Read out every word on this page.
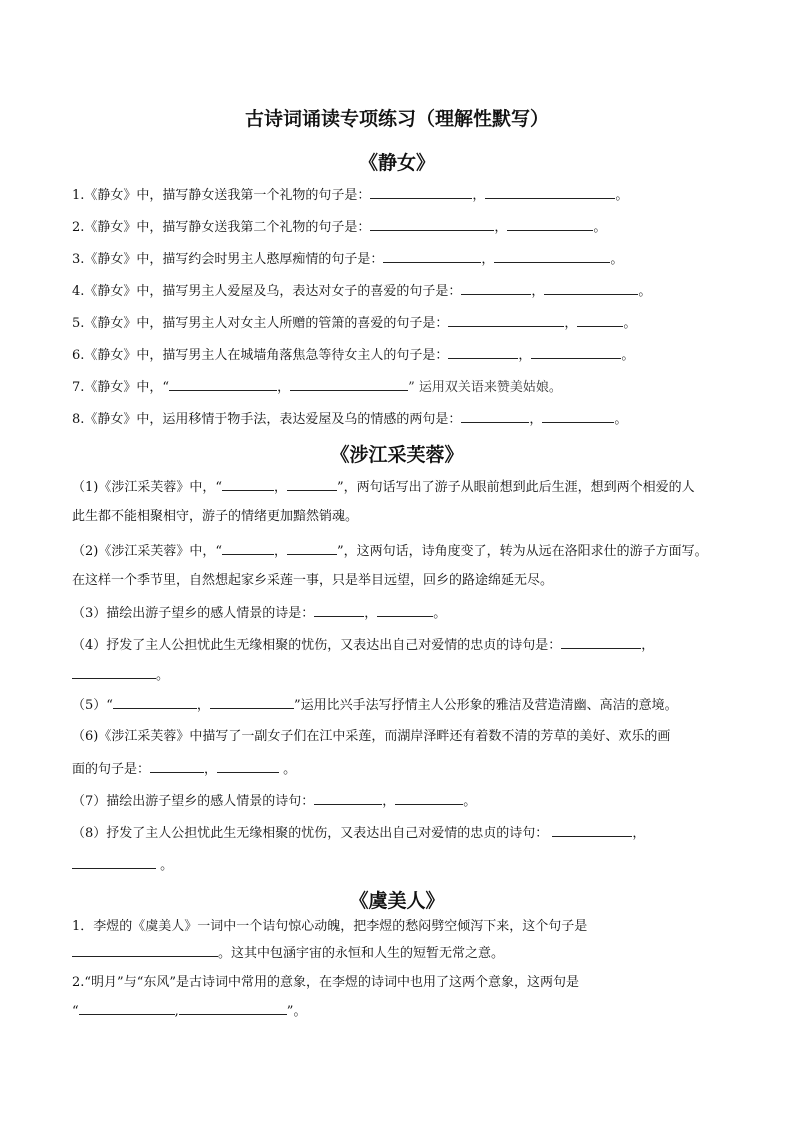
古诗词诵读专项练习（理解性默写）
《静女》
1.《静女》中，描写静女送我第一个礼物的句子是：	，	。
2.《静女》中，描写静女送我第二个礼物的句子是：	，	。
3.《静女》中，描写约会时男主人憨厚痴情的句子是：	，	。
4.《静女》中，描写男主人爱屋及乌，表达对女子的喜爱的句子是：	，	。
5.《静女》中，描写男主人对女主人所赠的管箫的喜爱的句子是：	，	。
6.《静女》中，描写男主人在城墙角落焦急等待女主人的句子是：	，	。
7.《静女》中，“	，	” 运用双关语来赞美姑娘。
8.《静女》中，运用移情于物手法，表达爱屋及乌的情感的两句是：	，	。
《涉江采芙蓉》
（1)《涉江采芙蓉》中，“	，	”，两句话写出了游子从眼前想到此后生涯，想到两个相爱的人
此生都不能相聚相守，游子的情绪更加黯然销魂。
（2)《涉江采芙蓉》中，“	，	”，这两句话，诗角度变了，转为从远在洛阳求仕的游子方面写。
在这样一个季节里，自然想起家乡采莲一事，只是举目远望，回乡的路途绵延无尽。
（3）描绘出游子望乡的感人情景的诗是：	，	。
（4）抒发了主人公担忧此生无缘相聚的忧伤，又表达出自己对爱情的忠贞的诗句是：	，
。
（5）“	，	”运用比兴手法写抒情主人公形象的雅洁及营造清幽、高洁的意境。
（6)《涉江采芙蓉》中描写了一副女子们在江中采莲，而湖岸泽畔还有着数不清的芳草的美好、欢乐的画
面的句子是：	，	。
（7）描绘出游子望乡的感人情景的诗句：	，	。
（8）抒发了主人公担忧此生无缘相聚的忧伤，又表达出自己对爱情的忠贞的诗句：	，
。
《虞美人》
1．李煜的《虞美人》一词中一个诘句惊心动魄，把李煜的愁闷劈空倾泻下来，这个句子是
。这其中包涵宇宙的永恒和人生的短暂无常之意。
2.“明月”与“东风”是古诗词中常用的意象，在李煜的诗词中也用了这两个意象，这两句是
“	,	”。
